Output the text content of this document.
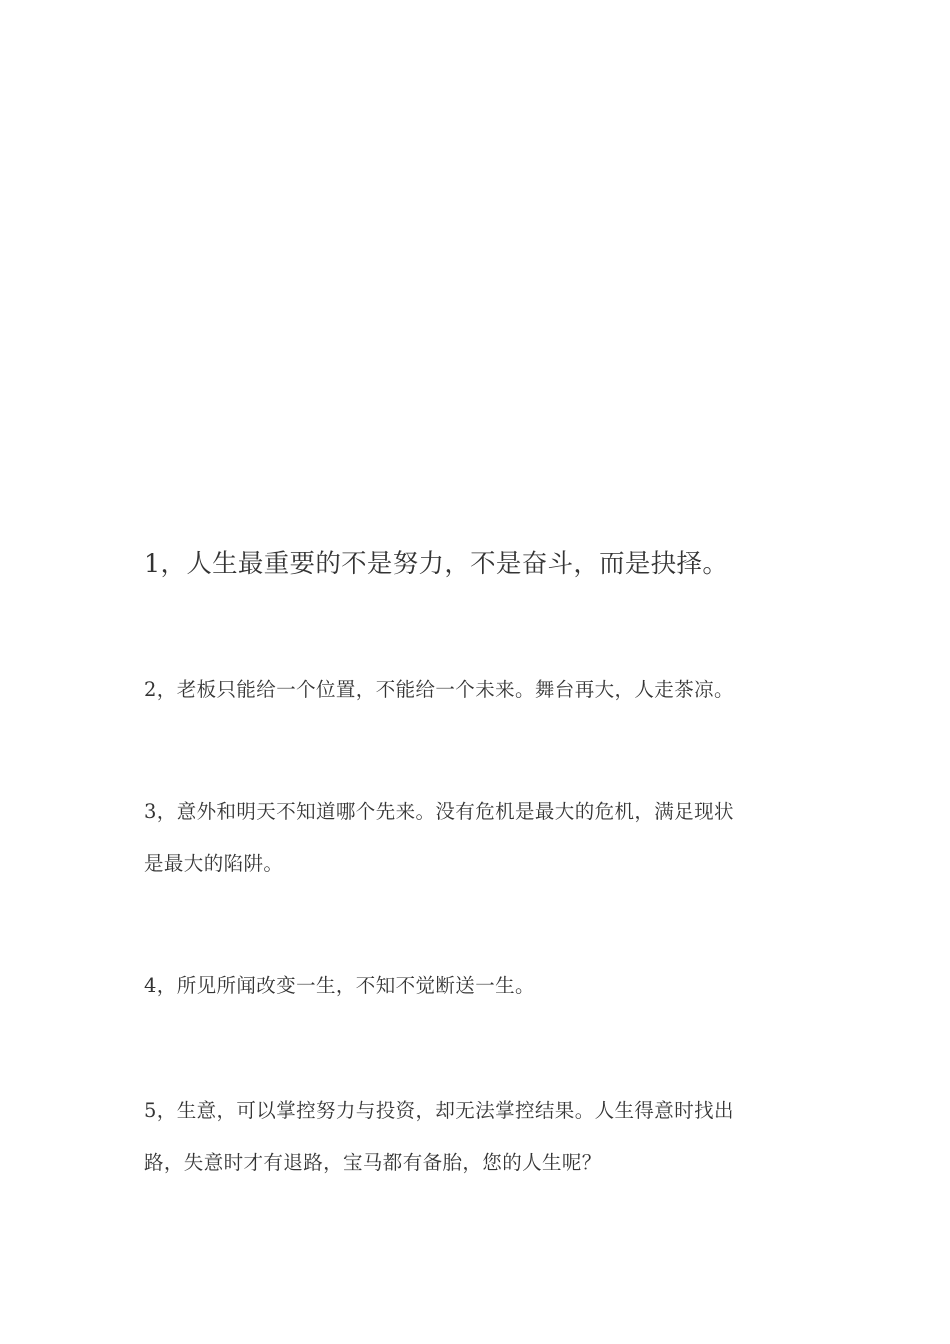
1，人生最重要的不是努力，不是奋斗，而是抉择。

2，老板只能给一个位置，不能给一个未来。舞台再大，人走茶凉。

3，意外和明天不知道哪个先来。没有危机是最大的危机，满足现状
是最大的陷阱。

4，所见所闻改变一生，不知不觉断送一生。

5，生意，可以掌控努力与投资，却无法掌控结果。人生得意时找出
路，失意时才有退路，宝马都有备胎，您的人生呢？
